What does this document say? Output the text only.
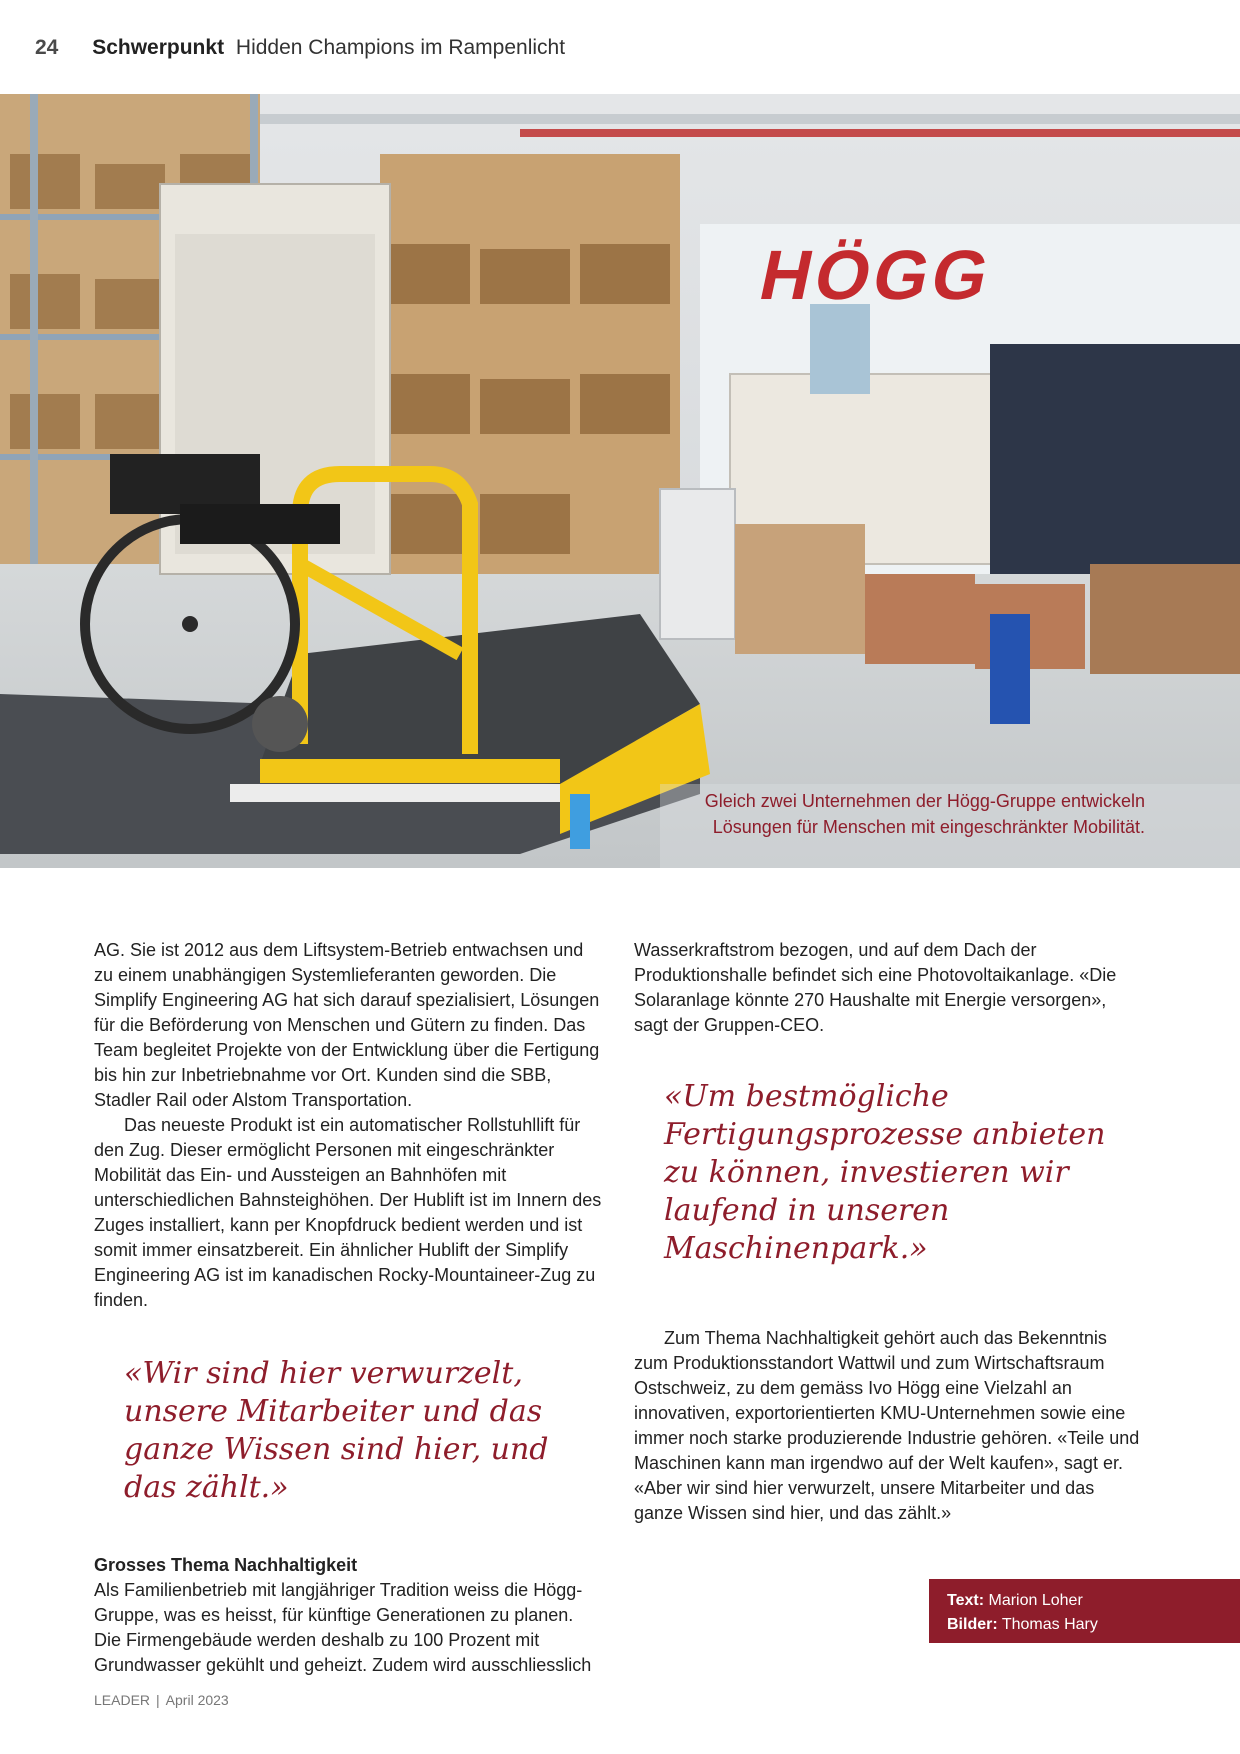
24 Schwerpunkt Hidden Champions im Rampenlicht
HÖGG
Gleich zwei Unternehmen der Högg-Gruppe entwickeln
Lösungen für Menschen mit eingeschränkter Mobilität.

AG. Sie ist 2012 aus dem Liftsystem-Betrieb entwachsen und zu einem unabhängigen Systemlieferanten geworden. Die Simplify Engineering AG hat sich darauf spezialisiert, Lösungen für die Beförderung von Menschen und Gütern zu finden. Das Team begleitet Projekte von der Entwicklung über die Fertigung bis hin zur Inbetriebnahme vor Ort. Kunden sind die SBB, Stadler Rail oder Alstom Transportation.

Das neueste Produkt ist ein automatischer Rollstuhllift für den Zug. Dieser ermöglicht Personen mit eingeschränkter Mobilität das Ein- und Aussteigen an Bahnhöfen mit unterschiedlichen Bahnsteighöhen. Der Hublift ist im Innern des Zuges installiert, kann per Knopfdruck bedient werden und ist somit immer einsatzbereit. Ein ähnlicher Hublift der Simplify Engineering AG ist im kanadischen Rocky-Mountaineer-Zug zu finden.

«Wir sind hier verwurzelt, unsere Mitarbeiter und das ganze Wissen sind hier, und das zählt.»

Grosses Thema Nachhaltigkeit

Als Familienbetrieb mit langjähriger Tradition weiss die Högg-Gruppe, was es heisst, für künftige Generationen zu planen. Die Firmengebäude werden deshalb zu 100 Prozent mit Grundwasser gekühlt und geheizt. Zudem wird ausschliesslich

Wasserkraftstrom bezogen, und auf dem Dach der Produktionshalle befindet sich eine Photovoltaikanlage. «Die Solaranlage könnte 270 Haushalte mit Energie versorgen», sagt der Gruppen-CEO.

«Um bestmögliche Fertigungsprozesse anbieten zu können, investieren wir laufend in unseren Maschinenpark.»

Zum Thema Nachhaltigkeit gehört auch das Bekenntnis zum Produktionsstandort Wattwil und zum Wirtschaftsraum Ostschweiz, zu dem gemäss Ivo Högg eine Vielzahl an innovativen, exportorientierten KMU-Unternehmen sowie eine immer noch starke produzierende Industrie gehören. «Teile und Maschinen kann man irgendwo auf der Welt kaufen», sagt er. «Aber wir sind hier verwurzelt, unsere Mitarbeiter und das ganze Wissen sind hier, und das zählt.»

Text: Marion Loher
Bilder: Thomas Hary
LEADER | April 2023
